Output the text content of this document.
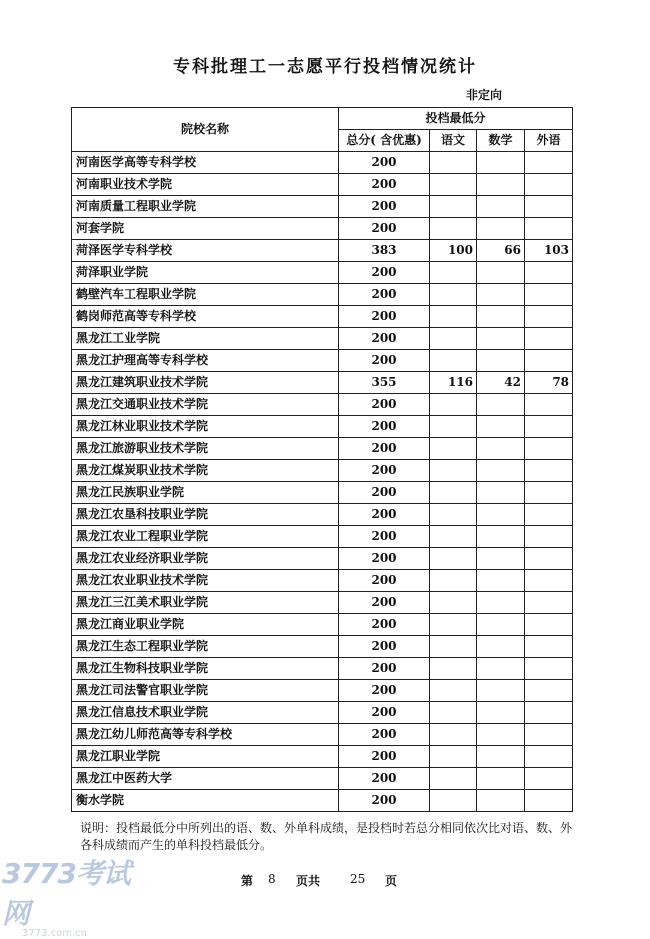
专科批理工一志愿平行投档情况统计
非定向
院校名称	投档最低分			
	总分( 含优惠)	语文	数学	外语
河南医学高等专科学校	200			
河南职业技术学院	200			
河南质量工程职业学院	200			
河套学院	200			
菏泽医学专科学校	383	100	66	103
菏泽职业学院	200			
鹤壁汽车工程职业学院	200			
鹤岗师范高等专科学校	200			
黑龙江工业学院	200			
黑龙江护理高等专科学校	200			
黑龙江建筑职业技术学院	355	116	42	78
黑龙江交通职业技术学院	200			
黑龙江林业职业技术学院	200			
黑龙江旅游职业技术学院	200			
黑龙江煤炭职业技术学院	200			
黑龙江民族职业学院	200			
黑龙江农垦科技职业学院	200			
黑龙江农业工程职业学院	200			
黑龙江农业经济职业学院	200			
黑龙江农业职业技术学院	200			
黑龙江三江美术职业学院	200			
黑龙江商业职业学院	200			
黑龙江生态工程职业学院	200			
黑龙江生物科技职业学院	200			
黑龙江司法警官职业学院	200			
黑龙江信息技术职业学院	200			
黑龙江幼儿师范高等专科学校	200			
黑龙江职业学院	200			
黑龙江中医药大学	200			
衡水学院	200			
说明：投档最低分中所列出的语、数、外单科成绩，是投档时若总分相同依次比对语、数、外各科成绩而产生的单科投档最低分。
第 8 页共 25 页
3773考试网
3773.com.cn
